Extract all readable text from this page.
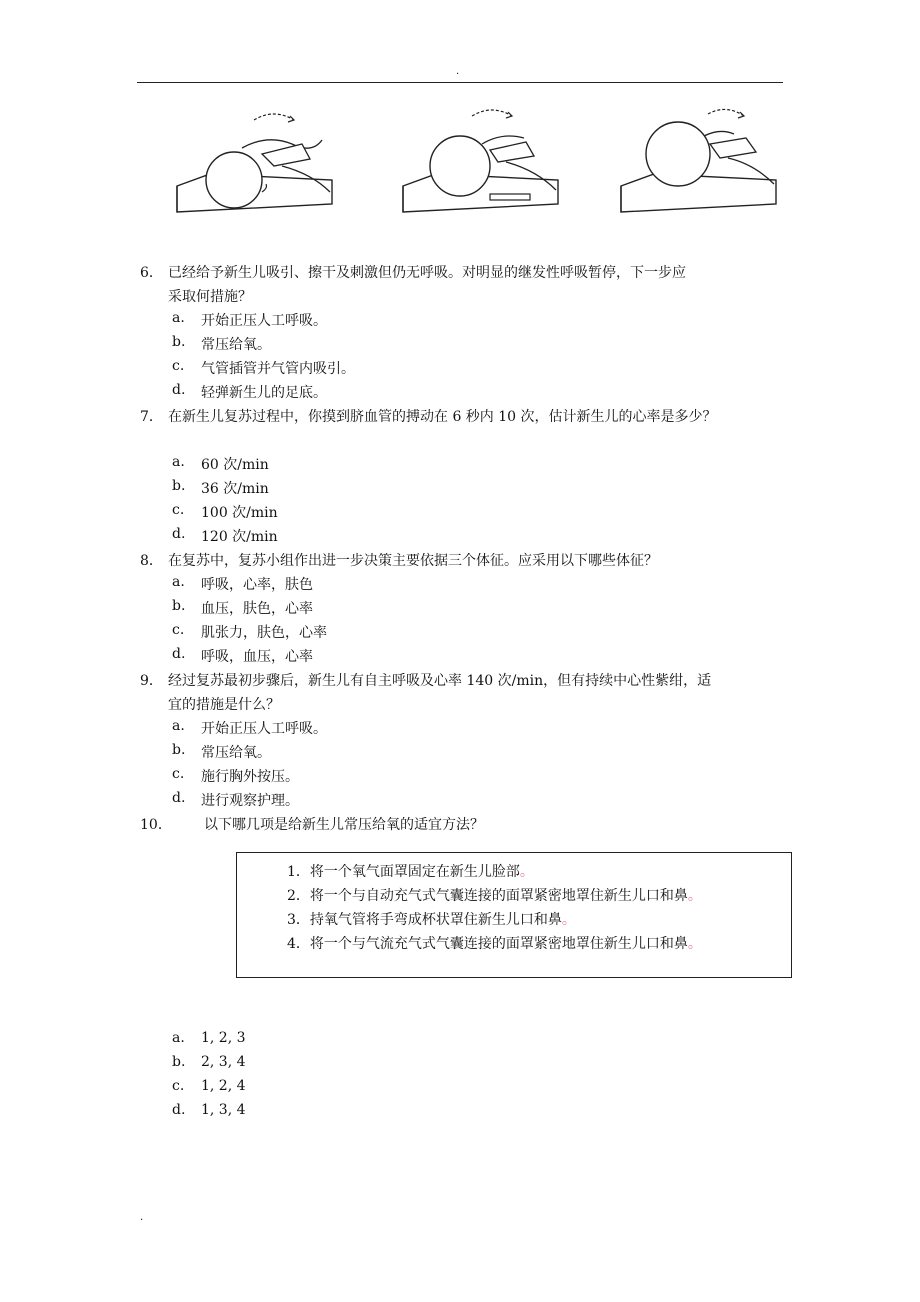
.
6． 已经给予新生儿吸引、擦干及刺激但仍无呼吸。对明显的继发性呼吸暂停，下一步应
采取何措施？
a.	开始正压人工呼吸。
b.	常压给氧。
c.	气管插管并气管内吸引。
d.	轻弹新生儿的足底。
7． 在新生儿复苏过程中，你摸到脐血管的搏动在 6 秒内 10 次，估计新生儿的心率是多少？
a.	60 次/min
b.	36 次/min
c.	100 次/min
d.	120 次/min
8． 在复苏中，复苏小组作出进一步决策主要依据三个体征。应采用以下哪些体征？
a.	呼吸，心率，肤色
b.	血压，肤色，心率
c.	肌张力，肤色，心率
d.	呼吸，血压，心率
9． 经过复苏最初步骤后，新生儿有自主呼吸及心率 140 次/min，但有持续中心性紫绀，适
宜的措施是什么？
a.	开始正压人工呼吸。
b.	常压给氧。
c.	施行胸外按压。
d.	进行观察护理。
10． 以下哪几项是给新生儿常压给氧的适宜方法？
1．将一个氧气面罩固定在新生儿脸部。
2．将一个与自动充气式气囊连接的面罩紧密地罩住新生儿口和鼻。
3．持氧气管将手弯成杯状罩住新生儿口和鼻。
4．将一个与气流充气式气囊连接的面罩紧密地罩住新生儿口和鼻。
a.	1, 2, 3
b.	2, 3, 4
c.	1, 2, 4
d.	1, 3, 4
.
